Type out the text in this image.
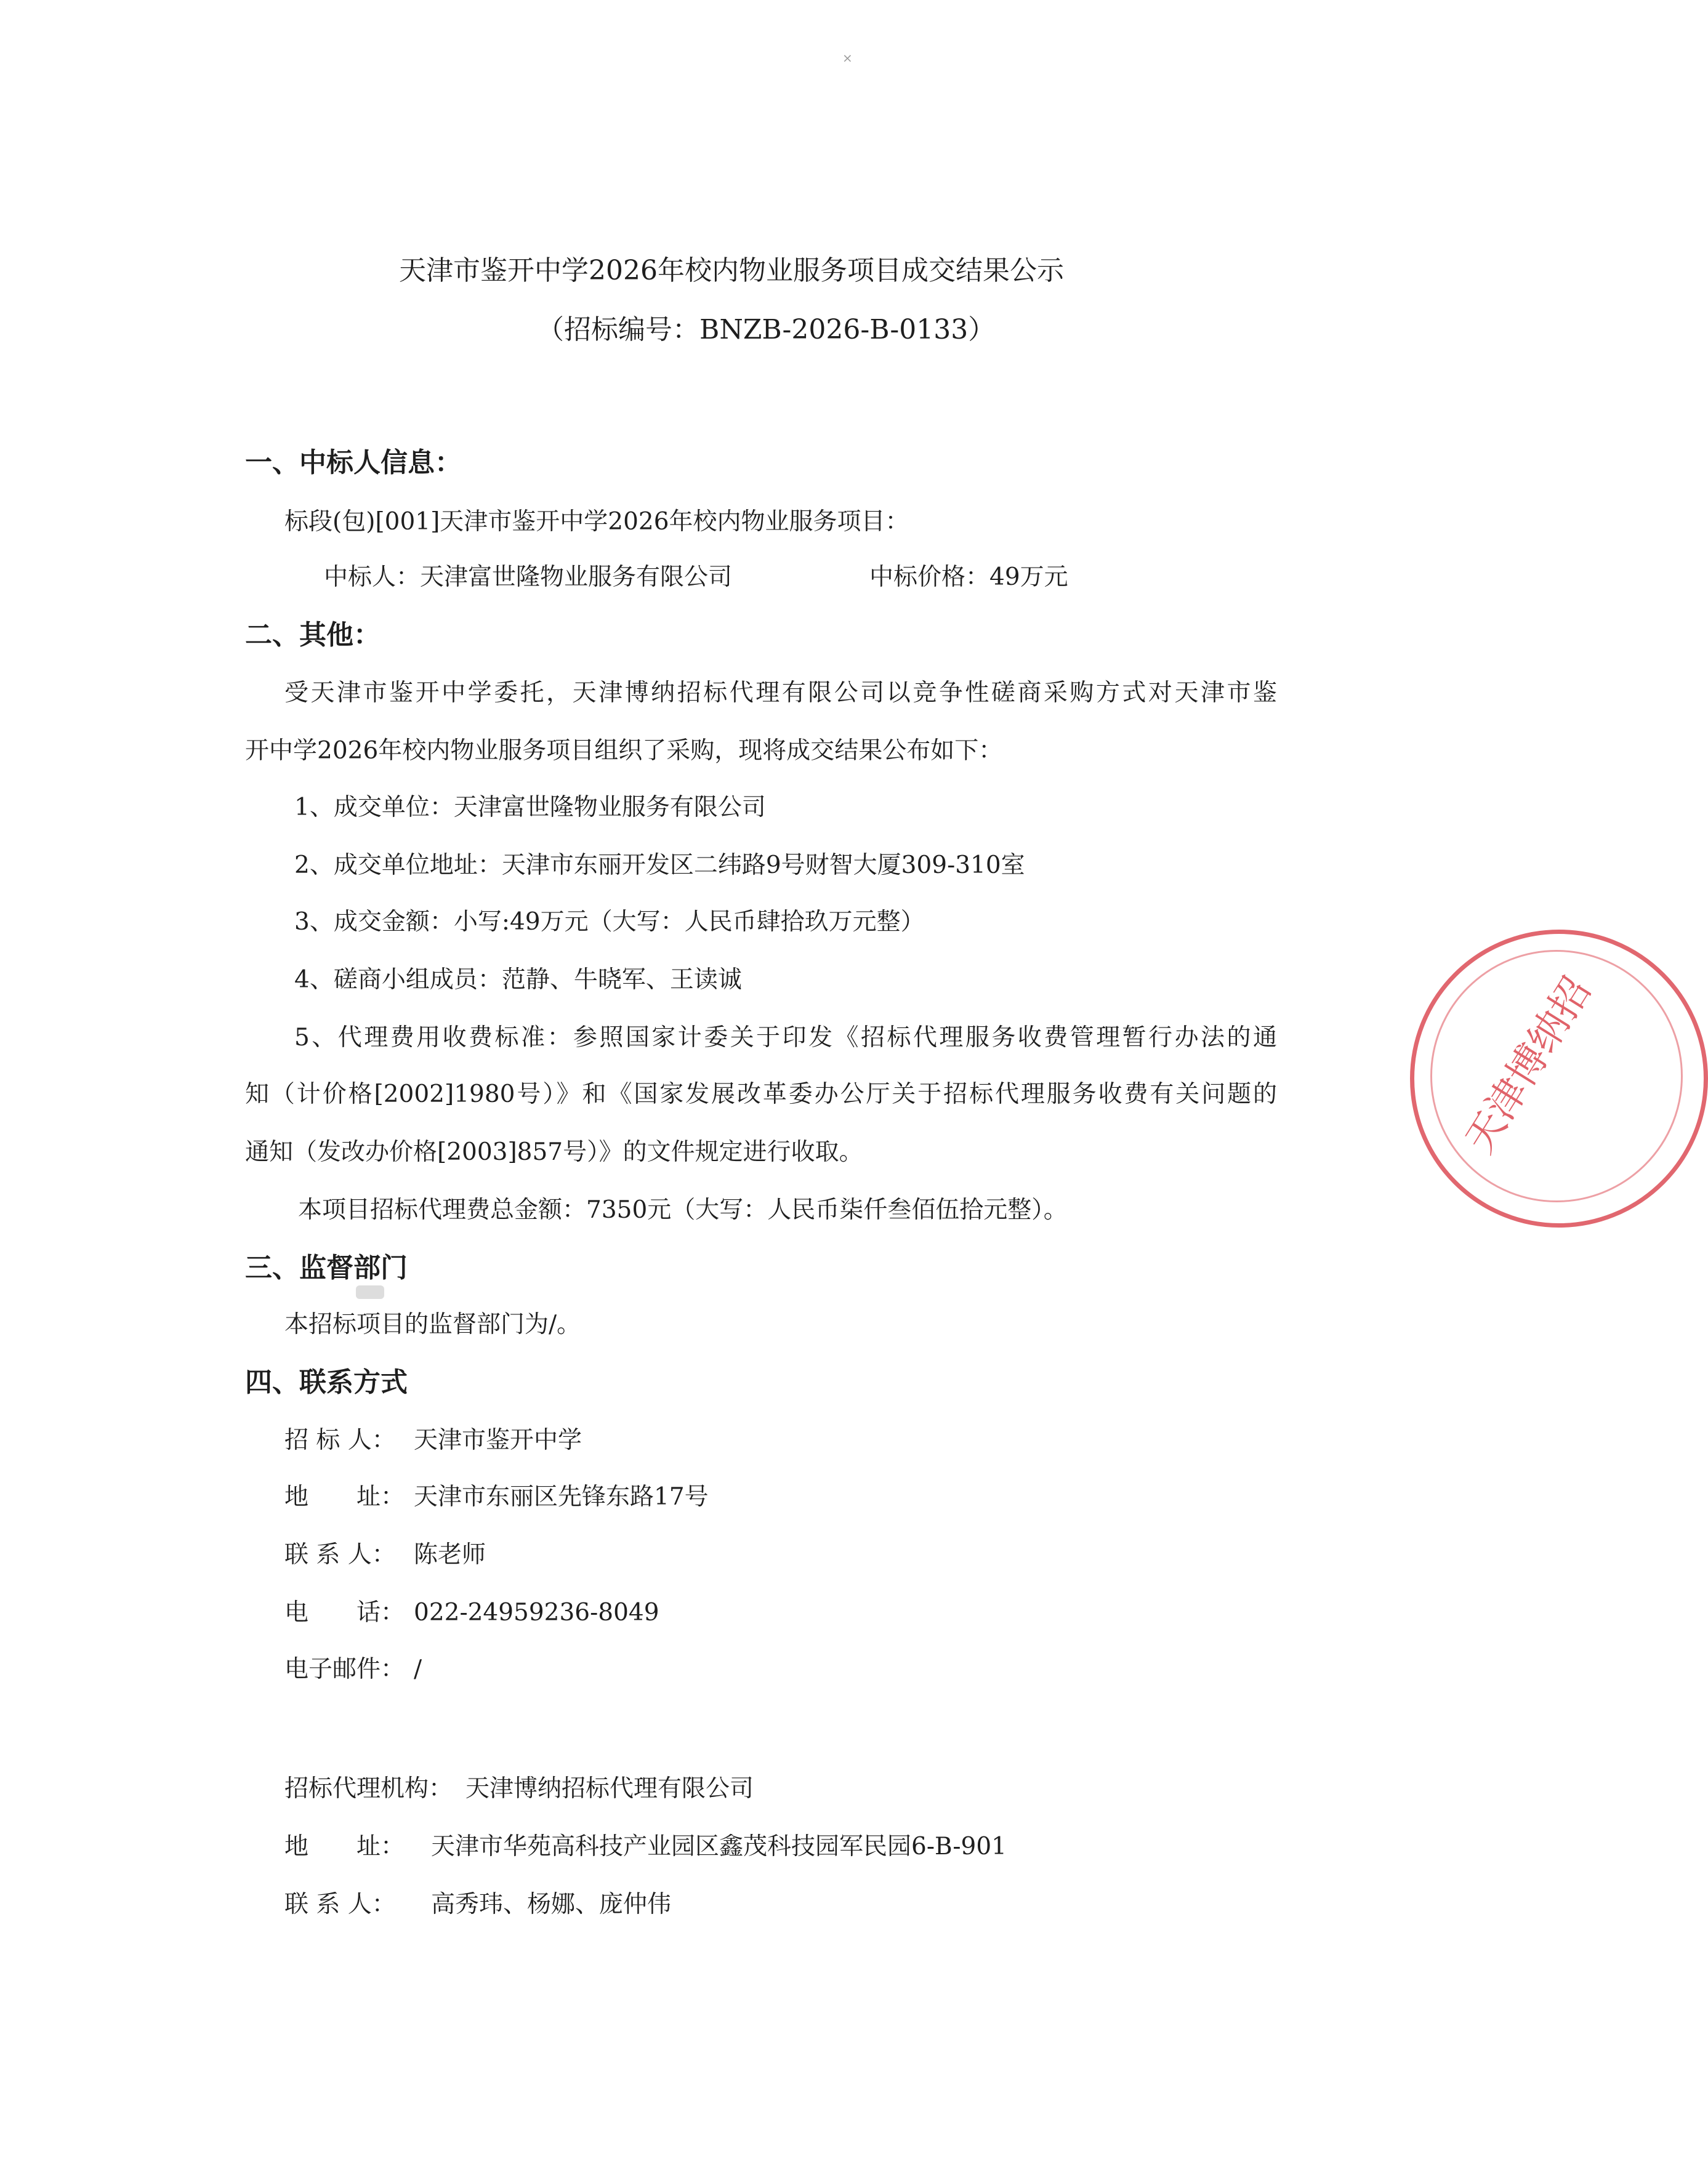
×
天津市鉴开中学2026年校内物业服务项目成交结果公示
（招标编号：BNZB-2026-B-0133）
一、中标人信息：
标段(包)[001]天津市鉴开中学2026年校内物业服务项目：
中标人：天津富世隆物业服务有限公司	中标价格：49万元
二、其他：
受天津市鉴开中学委托，天津博纳招标代理有限公司以竞争性磋商采购方式对天津市鉴
开中学2026年校内物业服务项目组织了采购，现将成交结果公布如下：
1、成交单位：天津富世隆物业服务有限公司
2、成交单位地址：天津市东丽开发区二纬路9号财智大厦309-310室
3、成交金额：小写:49万元（大写：人民币肆拾玖万元整）
4、磋商小组成员：范静、牛晓军、王读诚
5、代理费用收费标准：参照国家计委关于印发《招标代理服务收费管理暂行办法的通
知（计价格[2002]1980号）》和《国家发展改革委办公厅关于招标代理服务收费有关问题的
通知（发改办价格[2003]857号）》的文件规定进行收取。
本项目招标代理费总金额：7350元（大写：人民币柒仟叁佰伍拾元整）。
三、监督部门
本招标项目的监督部门为/。
四、联系方式
招 标 人： 天津市鉴开中学
地　　址： 天津市东丽区先锋东路17号
联 系 人： 陈老师
电　　话： 022-24959236-8049
电子邮件： /
招标代理机构： 天津博纳招标代理有限公司
地　　址： 天津市华苑高科技产业园区鑫茂科技园军民园6-B-901
联 系 人： 高秀玮、杨娜、庞仲伟
天津博纳招
